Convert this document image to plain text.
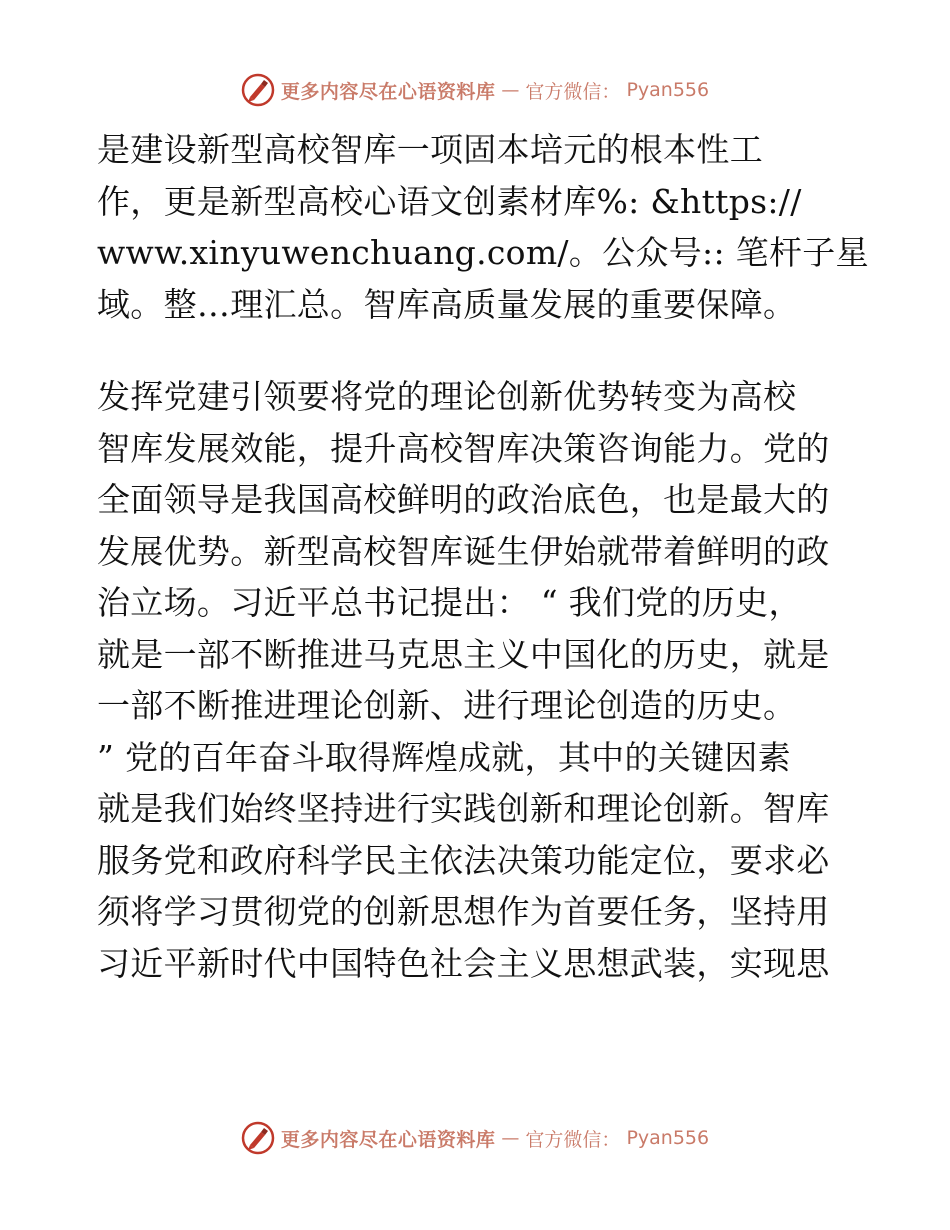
更多内容尽在心语资料库 — 官方微信： Pyan556
是建设新型高校智库一项固本培元的根本性工
作，更是新型高校心语文创素材库%: &https://
www.xinyuwenchuang.com/。公众号:: 笔杆子星
域。整…理汇总。智库高质量发展的重要保障。
发挥党建引领要将党的理论创新优势转变为高校
智库发展效能，提升高校智库决策咨询能力。党的
全面领导是我国高校鲜明的政治底色，也是最大的
发展优势。新型高校智库诞生伊始就带着鲜明的政
治立场。习近平总书记提出： “ 我们党的历史，
就是一部不断推进马克思主义中国化的历史，就是
一部不断推进理论创新、进行理论创造的历史。
” 党的百年奋斗取得辉煌成就，其中的关键因素
就是我们始终坚持进行实践创新和理论创新。智库
服务党和政府科学民主依法决策功能定位，要求必
须将学习贯彻党的创新思想作为首要任务，坚持用
习近平新时代中国特色社会主义思想武装，实现思
更多内容尽在心语资料库 — 官方微信： Pyan556
